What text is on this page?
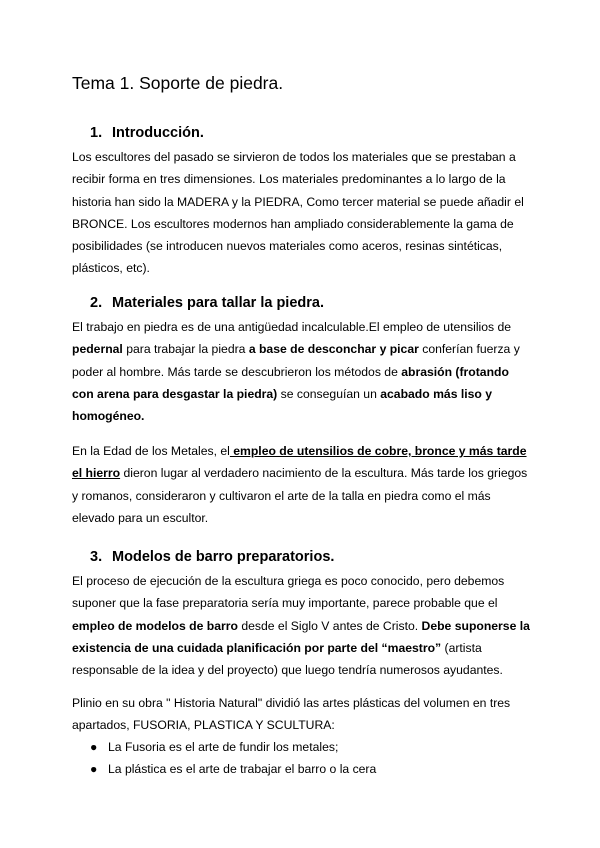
Tema 1. Soporte de piedra.
1. Introducción.

Los escultores del pasado se sirvieron de todos los materiales que se prestaban a recibir forma en tres dimensiones. Los materiales predominantes a lo largo de la historia han sido la MADERA y la PIEDRA, Como tercer material se puede añadir el BRONCE. Los escultores modernos han ampliado considerablemente la gama de posibilidades (se introducen nuevos materiales como aceros, resinas sintéticas, plásticos, etc).

2. Materiales para tallar la piedra.

El trabajo en piedra es de una antigüedad incalculable.El empleo de utensilios de pedernal para trabajar la piedra a base de desconchar y picar conferían fuerza y poder al hombre. Más tarde se descubrieron los métodos de abrasión (frotando con arena para desgastar la piedra) se conseguían un acabado más liso y homogéneo.

En la Edad de los Metales, el empleo de utensilios de cobre, bronce y más tarde el hierro dieron lugar al verdadero nacimiento de la escultura. Más tarde los griegos y romanos, consideraron y cultivaron el arte de la talla en piedra como el más elevado para un escultor.

3. Modelos de barro preparatorios.

El proceso de ejecución de la escultura griega es poco conocido, pero debemos suponer que la fase preparatoria sería muy importante, parece probable que el empleo de modelos de barro desde el Siglo V antes de Cristo. Debe suponerse la existencia de una cuidada planificación por parte del “maestro” (artista responsable de la idea y del proyecto) que luego tendría numerosos ayudantes.

Plinio en su obra " Historia Natural" dividió las artes plásticas del volumen en tres apartados, FUSORIA, PLASTICA Y SCULTURA:

● La Fusoria es el arte de fundir los metales;
● La plástica es el arte de trabajar el barro o la cera
